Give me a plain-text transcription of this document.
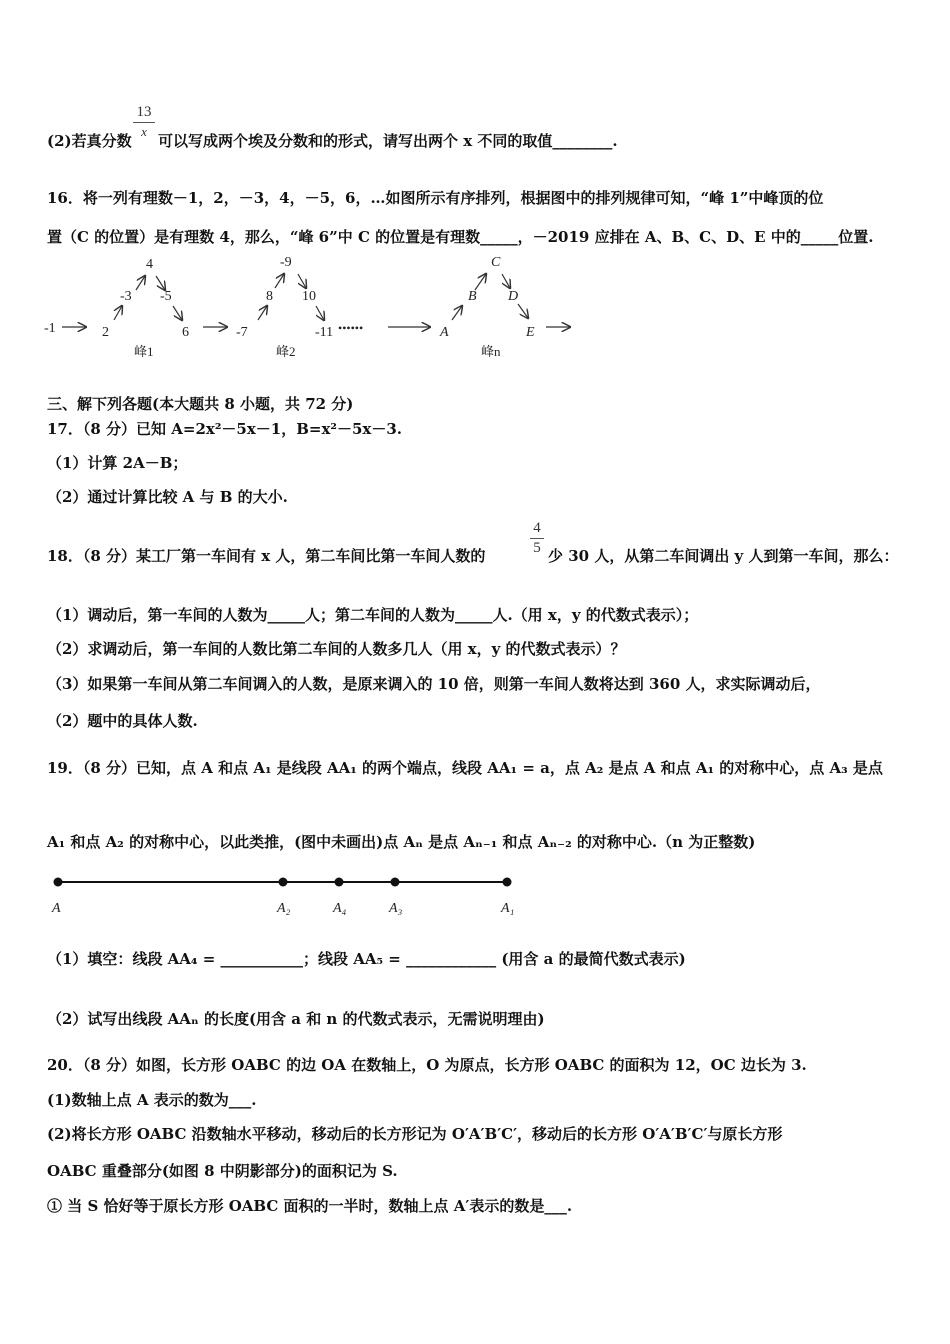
13
x
(2)若真分数 可以写成两个埃及分数和的形式，请写出两个 x 不同的取值________.
16．将一列有理数－1，2，－3，4，－5，6，…如图所示有序排列，根据图中的排列规律可知，“峰 1”中峰顶的位
置（C 的位置）是有理数 4，那么，“峰 6”中 C 的位置是有理数_____，－2019 应排在 A、B、C、D、E 中的_____位置.
-1	2
-3
4
-5
6
峰1
-7
8
-9
10
-11
峰2
••••••	A
B
C
D
E
峰n
三、解下列各题(本大题共 8 小题，共 72 分)
17．（8 分）已知 A=2x²－5x－1，B=x²－5x－3.
（1）计算 2A－B；
（2）通过计算比较 A 与 B 的大小.
18．（8 分）某工厂第一车间有 x 人，第二车间比第一车间人数的
4
5 少 30 人，从第二车间调出 y 人到第一车间，那么：
（1）调动后，第一车间的人数为_____人；第二车间的人数为_____人.（用 x，y 的代数式表示）；
（2）求调动后，第一车间的人数比第二车间的人数多几人（用 x，y 的代数式表示）？
（3）如果第一车间从第二车间调入的人数，是原来调入的 10 倍，则第一车间人数将达到 360 人，求实际调动后，
（2）题中的具体人数.
19．（8 分）已知，点 A 和点 A₁ 是线段 AA₁ 的两个端点，线段 AA₁ = a，点 A₂ 是点 A 和点 A₁ 的对称中心，点 A₃ 是点
A₁ 和点 A₂ 的对称中心，以此类推，(图中未画出)点 Aₙ 是点 Aₙ₋₁ 和点 Aₙ₋₂ 的对称中心.（n 为正整数)
A	A₂	A₄	A₃	A₁
（1）填空：线段 AA₄ = ___________；线段 AA₅ = ____________ (用含 a 的最简代数式表示)
（2）试写出线段 AAₙ 的长度(用含 a 和 n 的代数式表示，无需说明理由)
20．（8 分）如图，长方形 OABC 的边 OA 在数轴上，O 为原点，长方形 OABC 的面积为 12，OC 边长为 3.
(1)数轴上点 A 表示的数为___.
(2)将长方形 OABC 沿数轴水平移动，移动后的长方形记为 O′A′B′C′，移动后的长方形 O′A′B′C′与原长方形
OABC 重叠部分(如图 8 中阴影部分)的面积记为 S.
① 当 S 恰好等于原长方形 OABC 面积的一半时，数轴上点 A′表示的数是___.
